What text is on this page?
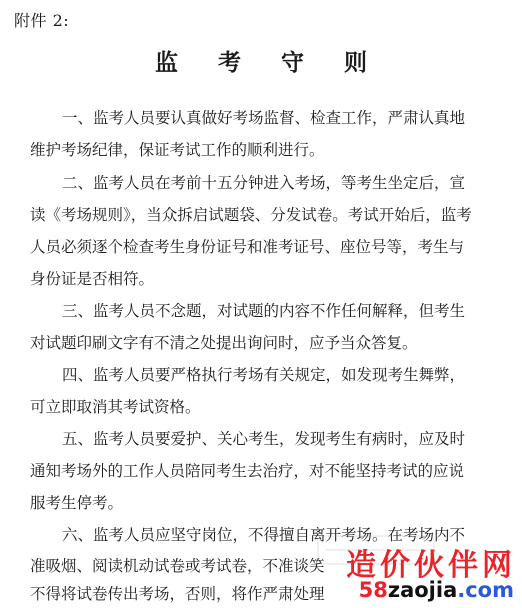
附件 2:
监 考 守 则
一、监考人员要认真做好考场监督、检查工作，严肃认真地
维护考场纪律，保证考试工作的顺利进行。
二、监考人员在考前十五分钟进入考场，等考生坐定后，宣
读《考场规则》，当众拆启试题袋、分发试卷。考试开始后，监考
人员必须逐个检查考生身份证号和准考证号、座位号等，考生与
身份证是否相符。
三、监考人员不念题，对试题的内容不作任何解释，但考生
对试题印刷文字有不清之处提出询问时，应予当众答复。
四、监考人员要严格执行考场有关规定，如发现考生舞弊，
可立即取消其考试资格。
五、监考人员要爱护、关心考生，发现考生有病时，应及时
通知考场外的工作人员陪同考生去治疗，对不能坚持考试的应说
服考生停考。
六、监考人员应坚守岗位，不得擅自离开考场。在考场内不
准吸烟、阅读机动试卷或考试卷，不准谈笑
不得将试卷传出考场，否则，将作严肃处理
造价伙伴网
58zaojia.com
